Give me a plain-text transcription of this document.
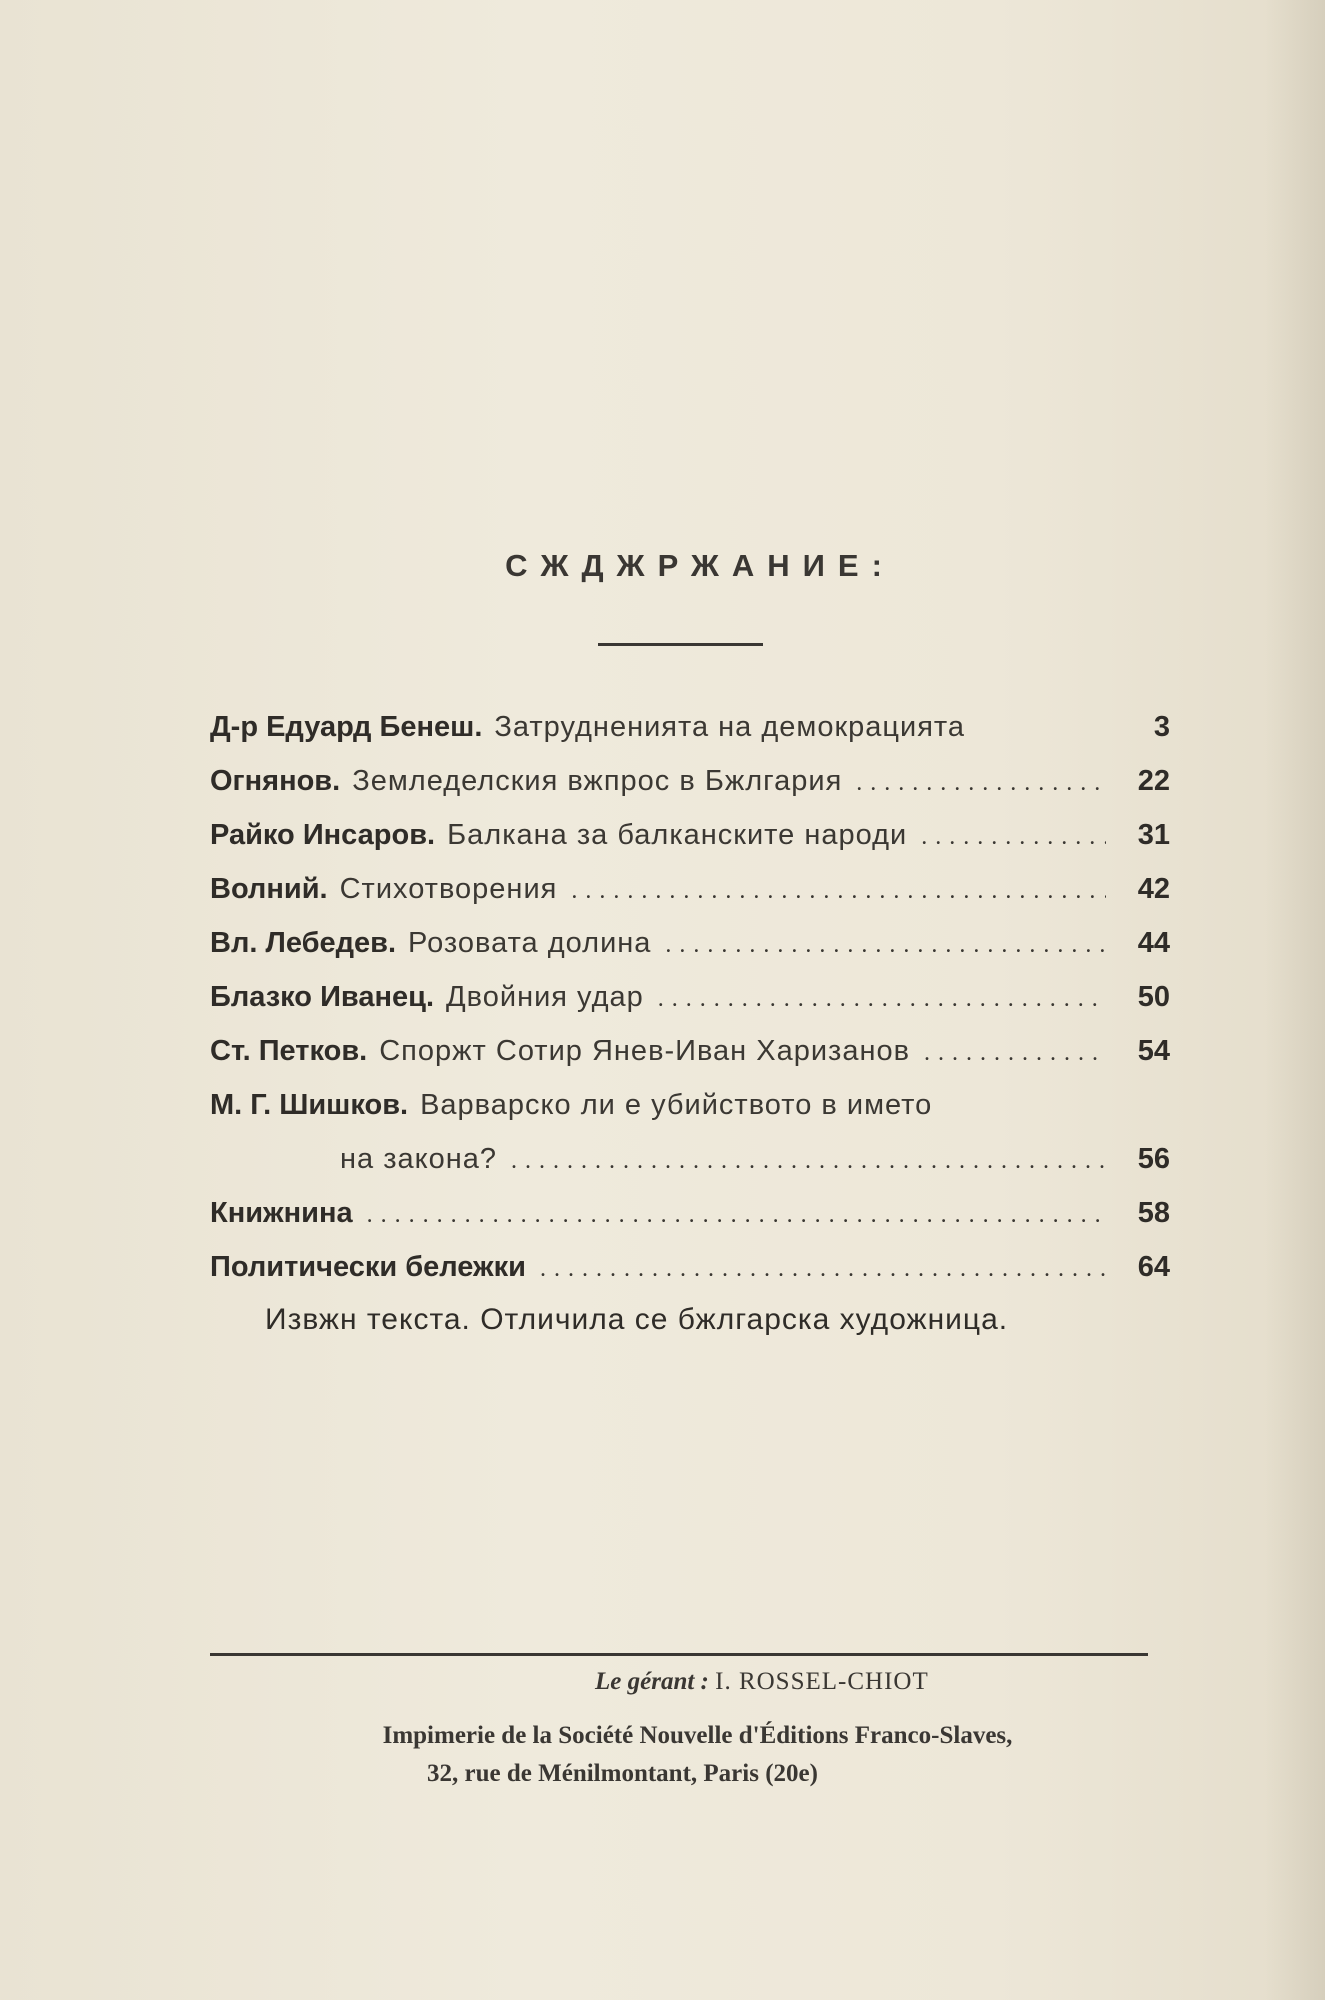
СЖДЖРЖАНИЕ:
Д-р Едуард Бенеш. Затрудненията на демокрацията	3
Огнянов. Земледелския вжпрос в Бжлгария .....	22
Райко Инсаров. Балкана за балканските народи .....	31
Волний. Стихотворения .....	42
Вл. Лебедев. Розовата долина .....	44
Блазко Иванец. Двойния удар .....	50
Ст. Петков. Споржт Сотир Янев-Иван Харизанов .....	54
М. Г. Шишков. Варварско ли е убийството в името
на закона? .....	56
Книжнина .....	58
Политически бележки .....	64
Извжн текста. Отличила се бжлгарска художница.
Le gérant : I. ROSSEL-CHIOT
Impimerie de la Société Nouvelle d'Éditions Franco-Slaves,
32, rue de Ménilmontant, Paris (20e)
